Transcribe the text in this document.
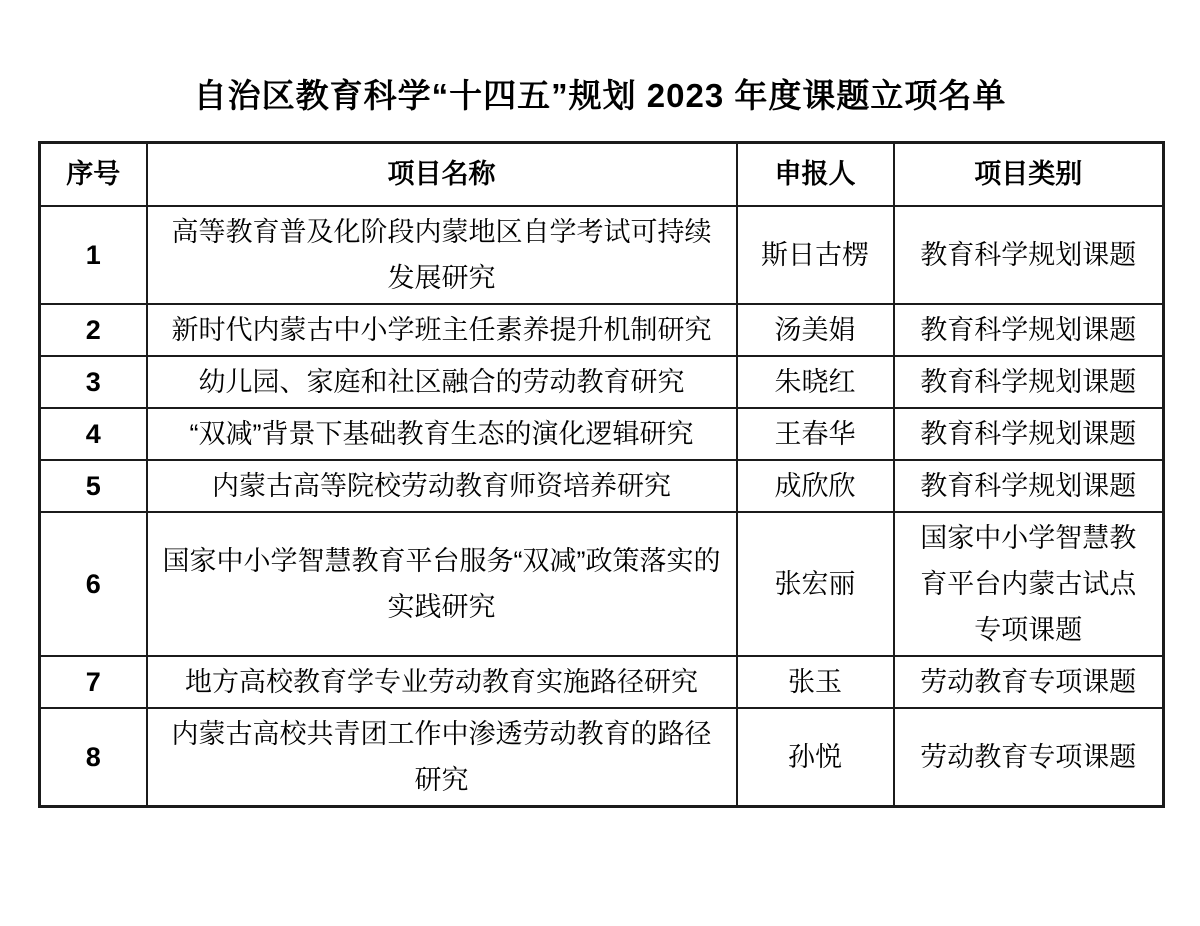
自治区教育科学“十四五”规划 2023 年度课题立项名单
序号	项目名称	申报人	项目类别
1	高等教育普及化阶段内蒙地区自学考试可持续发展研究	斯日古楞	教育科学规划课题
2	新时代内蒙古中小学班主任素养提升机制研究	汤美娟	教育科学规划课题
3	幼儿园、家庭和社区融合的劳动教育研究	朱晓红	教育科学规划课题
4	“双减”背景下基础教育生态的演化逻辑研究	王春华	教育科学规划课题
5	内蒙古高等院校劳动教育师资培养研究	成欣欣	教育科学规划课题
6	国家中小学智慧教育平台服务“双减”政策落实的实践研究	张宏丽	国家中小学智慧教育平台内蒙古试点专项课题
7	地方高校教育学专业劳动教育实施路径研究	张玉	劳动教育专项课题
8	内蒙古高校共青团工作中渗透劳动教育的路径研究	孙悦	劳动教育专项课题
